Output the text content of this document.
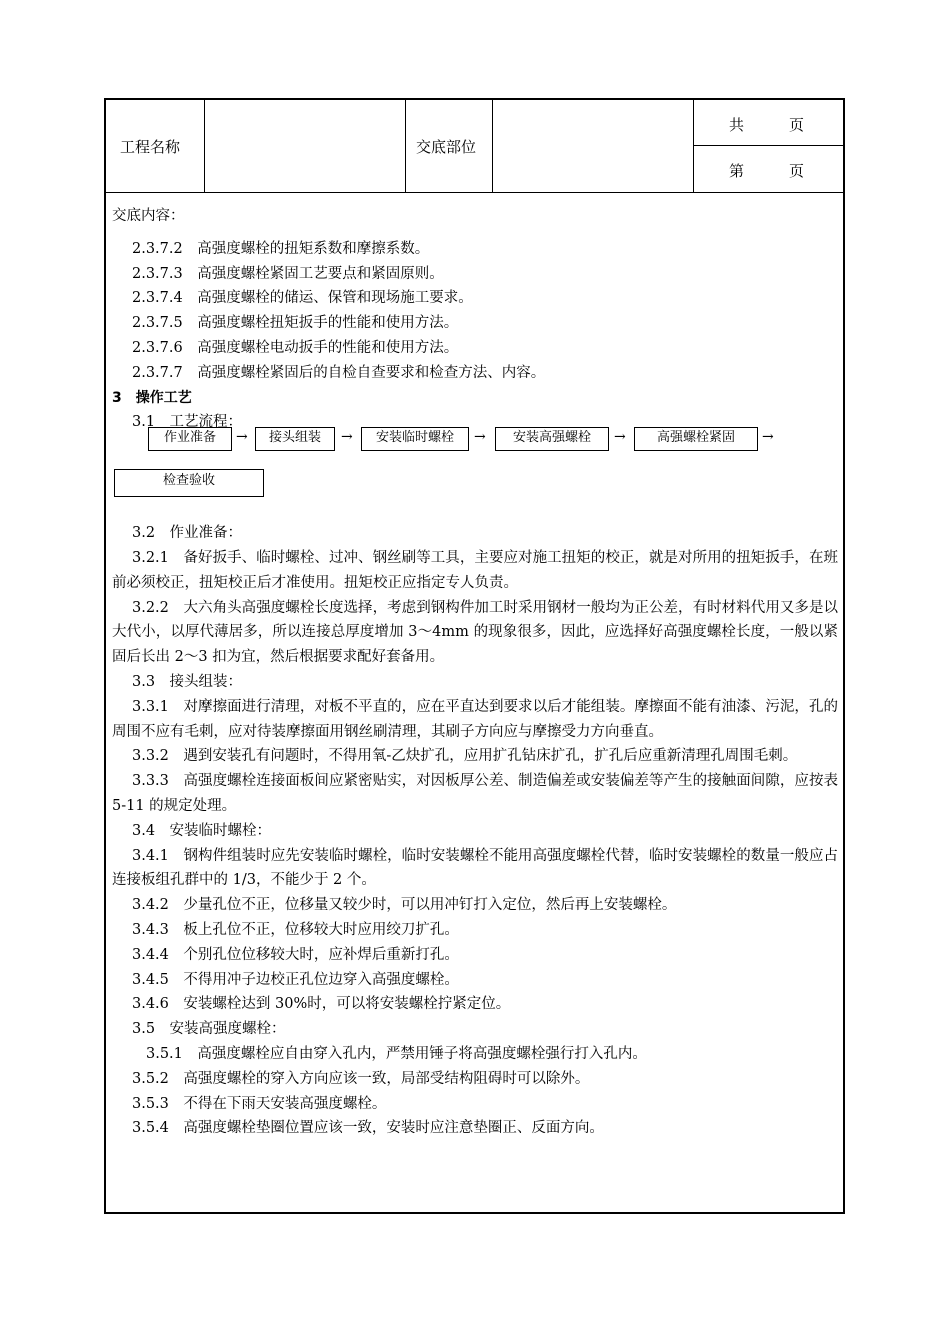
工程名称	交底部位
共　　　页
第　　　页
交底内容：
2.3.7.2　高强度螺栓的扭矩系数和摩擦系数。
2.3.7.3　高强度螺栓紧固工艺要点和紧固原则。
2.3.7.4　高强度螺栓的储运、保管和现场施工要求。
2.3.7.5　高强度螺栓扭矩扳手的性能和使用方法。
2.3.7.6　高强度螺栓电动扳手的性能和使用方法。
2.3.7.7　高强度螺栓紧固后的自检自查要求和检查方法、内容。
3　操作工艺
3.1　工艺流程：
作业准备	→	接头组装	→	安装临时螺栓	→	安装高强螺栓	→	高强螺栓紧固	→
检查验收
3.2　作业准备：
3.2.1　备好扳手、临时螺栓、过冲、钢丝刷等工具，主要应对施工扭矩的校正，就是对所用的扭矩扳手，在班前必须校正，扭矩校正后才准使用。扭矩校正应指定专人负责。
3.2.2　大六角头高强度螺栓长度选择，考虑到钢构件加工时采用钢材一般均为正公差，有时材料代用又多是以大代小，以厚代薄居多，所以连接总厚度增加 3～4mm 的现象很多，因此，应选择好高强度螺栓长度，一般以紧固后长出 2～3 扣为宜，然后根据要求配好套备用。
3.3　接头组装：
3.3.1　对摩擦面进行清理，对板不平直的，应在平直达到要求以后才能组装。摩擦面不能有油漆、污泥，孔的周围不应有毛刺，应对待装摩擦面用钢丝刷清理，其刷子方向应与摩擦受力方向垂直。
3.3.2　遇到安装孔有问题时，不得用氧-乙炔扩孔，应用扩孔钻床扩孔，扩孔后应重新清理孔周围毛刺。
3.3.3　高强度螺栓连接面板间应紧密贴实，对因板厚公差、制造偏差或安装偏差等产生的接触面间隙，应按表 5-11 的规定处理。
3.4　安装临时螺栓：
3.4.1　钢构件组装时应先安装临时螺栓，临时安装螺栓不能用高强度螺栓代替，临时安装螺栓的数量一般应占连接板组孔群中的 1/3，不能少于 2 个。
3.4.2　少量孔位不正，位移量又较少时，可以用冲钉打入定位，然后再上安装螺栓。
3.4.3　板上孔位不正，位移较大时应用绞刀扩孔。
3.4.4　个别孔位位移较大时，应补焊后重新打孔。
3.4.5　不得用冲子边校正孔位边穿入高强度螺栓。
3.4.6　安装螺栓达到 30%时，可以将安装螺栓拧紧定位。
3.5　安装高强度螺栓：
3.5.1　高强度螺栓应自由穿入孔内，严禁用锤子将高强度螺栓强行打入孔内。
3.5.2　高强度螺栓的穿入方向应该一致，局部受结构阻碍时可以除外。
3.5.3　不得在下雨天安装高强度螺栓。
3.5.4　高强度螺栓垫圈位置应该一致，安装时应注意垫圈正、反面方向。
